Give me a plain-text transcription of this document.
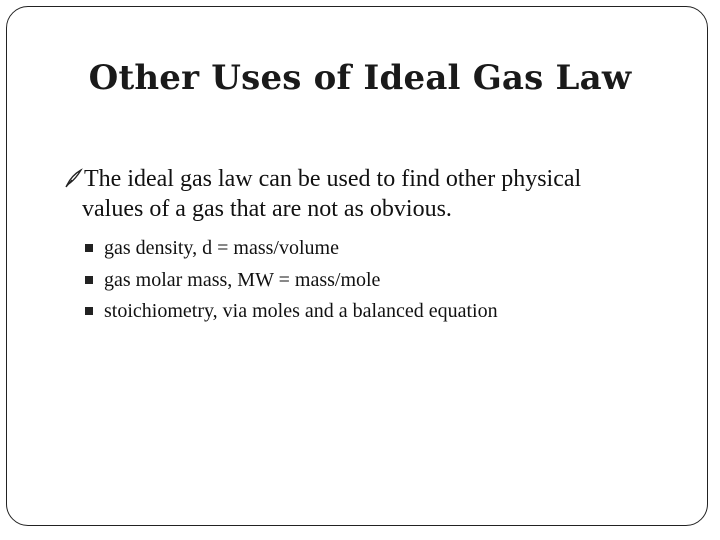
Other Uses of Ideal Gas Law
The ideal gas law can be used to find other physical
values of a gas that are not as obvious.
gas density, d = mass/volume
gas molar mass, MW = mass/mole
stoichiometry, via moles and a balanced equation
